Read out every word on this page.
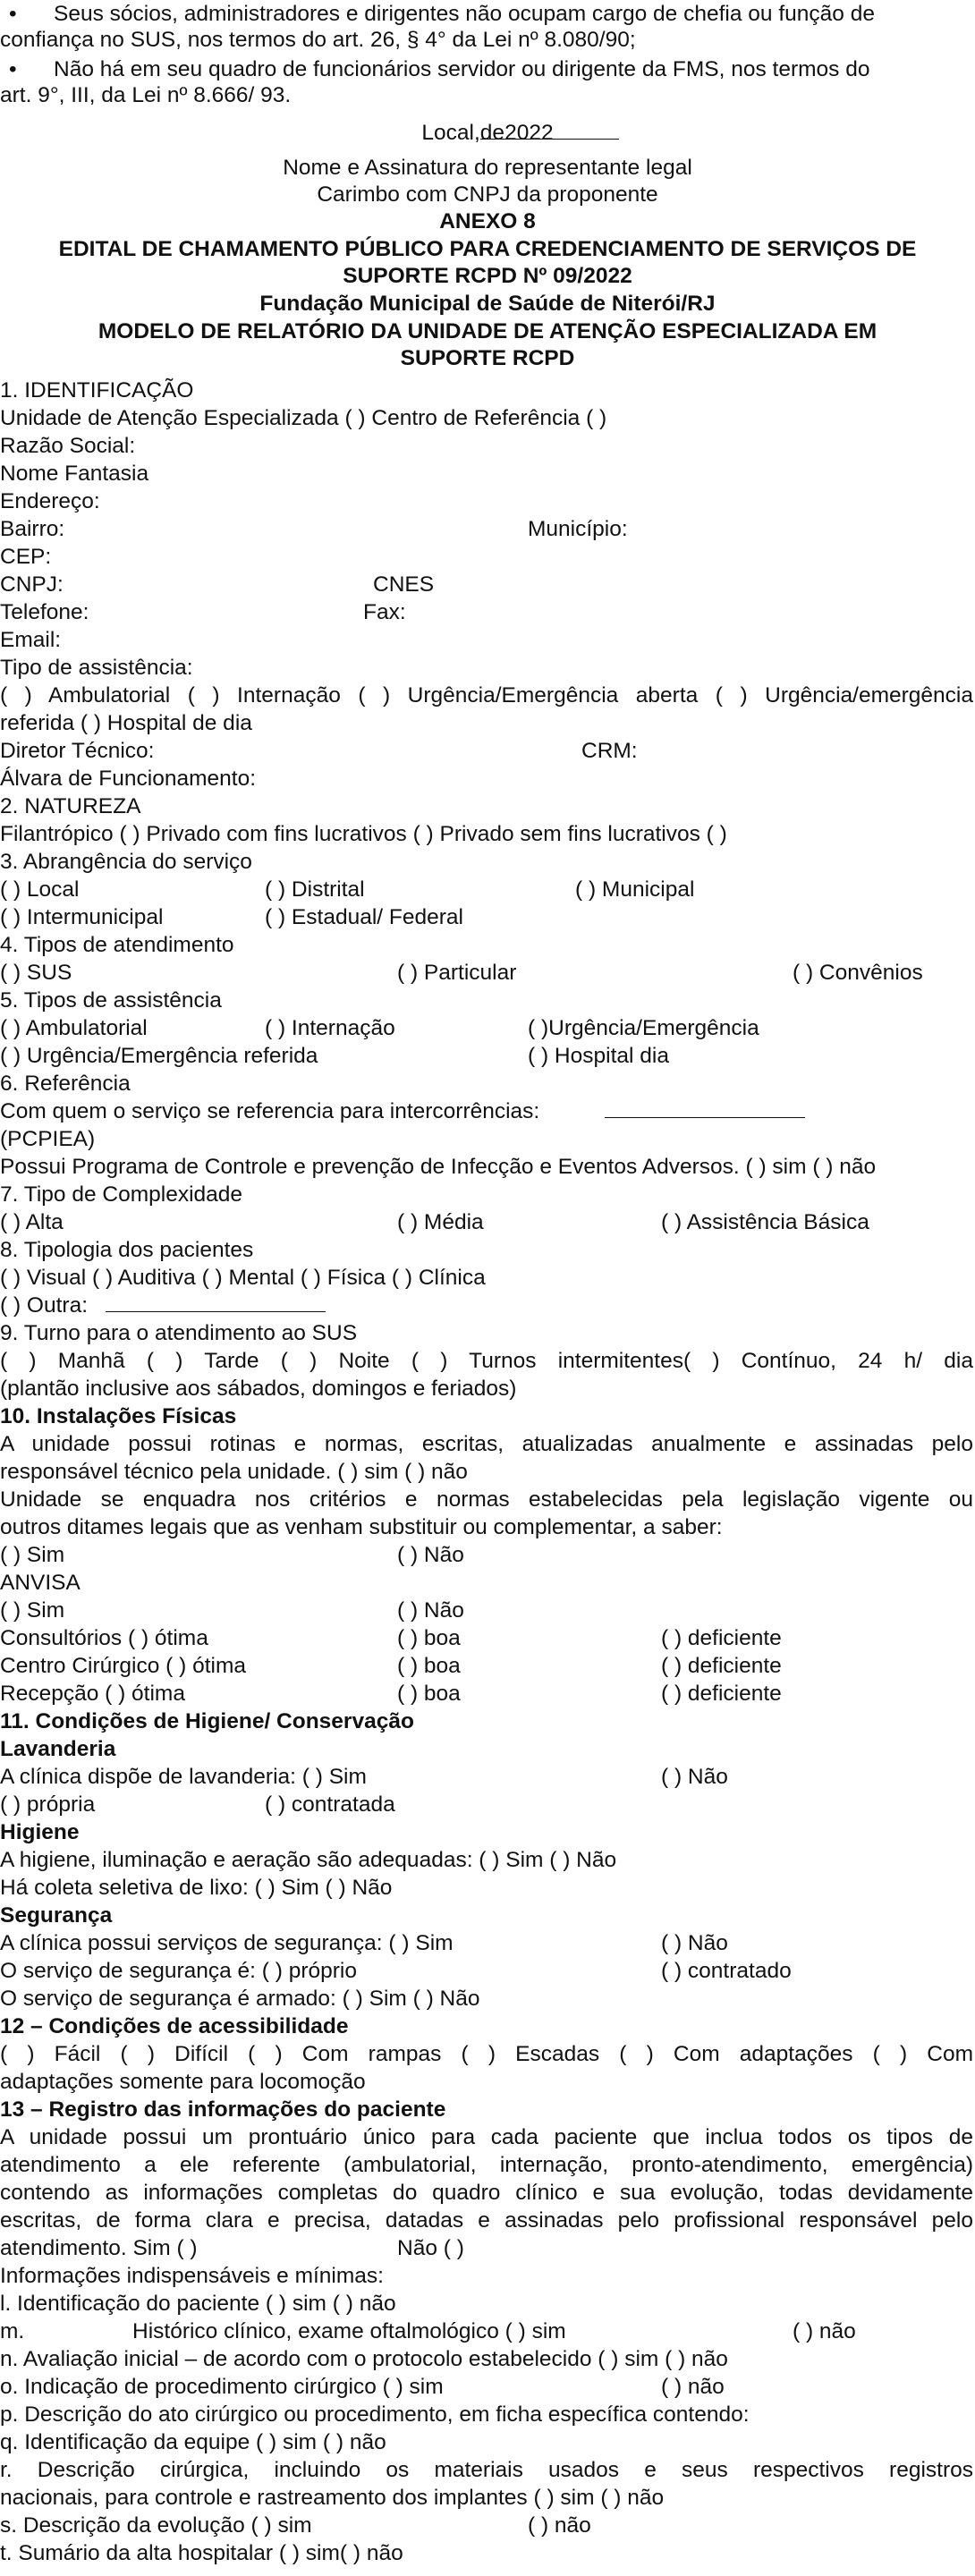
• Seus sócios, administradores e dirigentes não ocupam cargo de chefia ou função de
confiança no SUS, nos termos do art. 26, § 4° da Lei nº 8.080/90;
• Não há em seu quadro de funcionários servidor ou dirigente da FMS, nos termos do
art. 9°, III, da Lei nº 8.666/ 93.
Local,
de
2022
Nome e Assinatura do representante legal
Carimbo com CNPJ da proponente
ANEXO 8
EDITAL DE CHAMAMENTO PÚBLICO PARA CREDENCIAMENTO DE SERVIÇOS DE
SUPORTE RCPD Nº 09/2022
Fundação Municipal de Saúde de Niterói/RJ
MODELO DE RELATÓRIO DA UNIDADE DE ATENÇÃO ESPECIALIZADA EM
SUPORTE RCPD
1. IDENTIFICAÇÃO
Unidade de Atenção Especializada ( ) Centro de Referência ( )
Razão Social:
Nome Fantasia
Endereço:
Bairro:	Município:
CEP:
CNPJ:	CNES
Telefone:	Fax:
Email:
Tipo de assistência:
( ) Ambulatorial ( ) Internação ( ) Urgência/Emergência aberta ( ) Urgência/emergência
referida ( ) Hospital de dia
Diretor Técnico:	CRM:
Álvara de Funcionamento:
2. NATUREZA
Filantrópico ( ) Privado com fins lucrativos ( ) Privado sem fins lucrativos ( )
3. Abrangência do serviço
( ) Local	( ) Distrital	( ) Municipal
( ) Intermunicipal	( ) Estadual/ Federal
4. Tipos de atendimento
( ) SUS	( ) Particular	( ) Convênios
5. Tipos de assistência
( ) Ambulatorial	( ) Internação	( )Urgência/Emergência
( ) Urgência/Emergência referida	( ) Hospital dia
6. Referência
Com quem o serviço se referencia para intercorrências:
(PCPIEA)
Possui Programa de Controle e prevenção de Infecção e Eventos Adversos. ( ) sim ( ) não
7. Tipo de Complexidade
( ) Alta	( ) Média	( ) Assistência Básica
8. Tipologia dos pacientes
( ) Visual ( ) Auditiva ( ) Mental ( ) Física ( ) Clínica
( ) Outra:
9. Turno para o atendimento ao SUS
( ) Manhã ( ) Tarde ( ) Noite ( ) Turnos intermitentes( ) Contínuo, 24 h/ dia
(plantão inclusive aos sábados, domingos e feriados)
10. Instalações Físicas
A unidade possui rotinas e normas, escritas, atualizadas anualmente e assinadas pelo
responsável técnico pela unidade. ( ) sim ( ) não
Unidade se enquadra nos critérios e normas estabelecidas pela legislação vigente ou
outros ditames legais que as venham substituir ou complementar, a saber:
( ) Sim	( ) Não
ANVISA
( ) Sim	( ) Não
Consultórios ( ) ótima	( ) boa	( ) deficiente
Centro Cirúrgico ( ) ótima	( ) boa	( ) deficiente
Recepção ( ) ótima	( ) boa	( ) deficiente
11. Condições de Higiene/ Conservação
Lavanderia
A clínica dispõe de lavanderia: ( ) Sim	( ) Não
( ) própria	( ) contratada
Higiene
A higiene, iluminação e aeração são adequadas: ( ) Sim ( ) Não
Há coleta seletiva de lixo: ( ) Sim ( ) Não
Segurança
A clínica possui serviços de segurança: ( ) Sim	( ) Não
O serviço de segurança é: ( ) próprio	( ) contratado
O serviço de segurança é armado: ( ) Sim ( ) Não
12 – Condições de acessibilidade
( ) Fácil ( ) Difícil ( ) Com rampas ( ) Escadas ( ) Com adaptações ( ) Com
adaptações somente para locomoção
13 – Registro das informações do paciente
A unidade possui um prontuário único para cada paciente que inclua todos os tipos de
atendimento a ele referente (ambulatorial, internação, pronto-atendimento, emergência)
contendo as informações completas do quadro clínico e sua evolução, todas devidamente
escritas, de forma clara e precisa, datadas e assinadas pelo profissional responsável pelo
atendimento. Sim ( )	Não ( )
Informações indispensáveis e mínimas:
l. Identificação do paciente ( ) sim ( ) não
m.	Histórico clínico, exame oftalmológico ( ) sim	( ) não
n. Avaliação inicial – de acordo com o protocolo estabelecido ( ) sim ( ) não
o. Indicação de procedimento cirúrgico ( ) sim	( ) não
p. Descrição do ato cirúrgico ou procedimento, em ficha específica contendo:
q. Identificação da equipe ( ) sim ( ) não
r. Descrição cirúrgica, incluindo os materiais usados e seus respectivos registros
nacionais, para controle e rastreamento dos implantes ( ) sim ( ) não
s. Descrição da evolução ( ) sim	( ) não
t. Sumário da alta hospitalar ( ) sim( ) não
